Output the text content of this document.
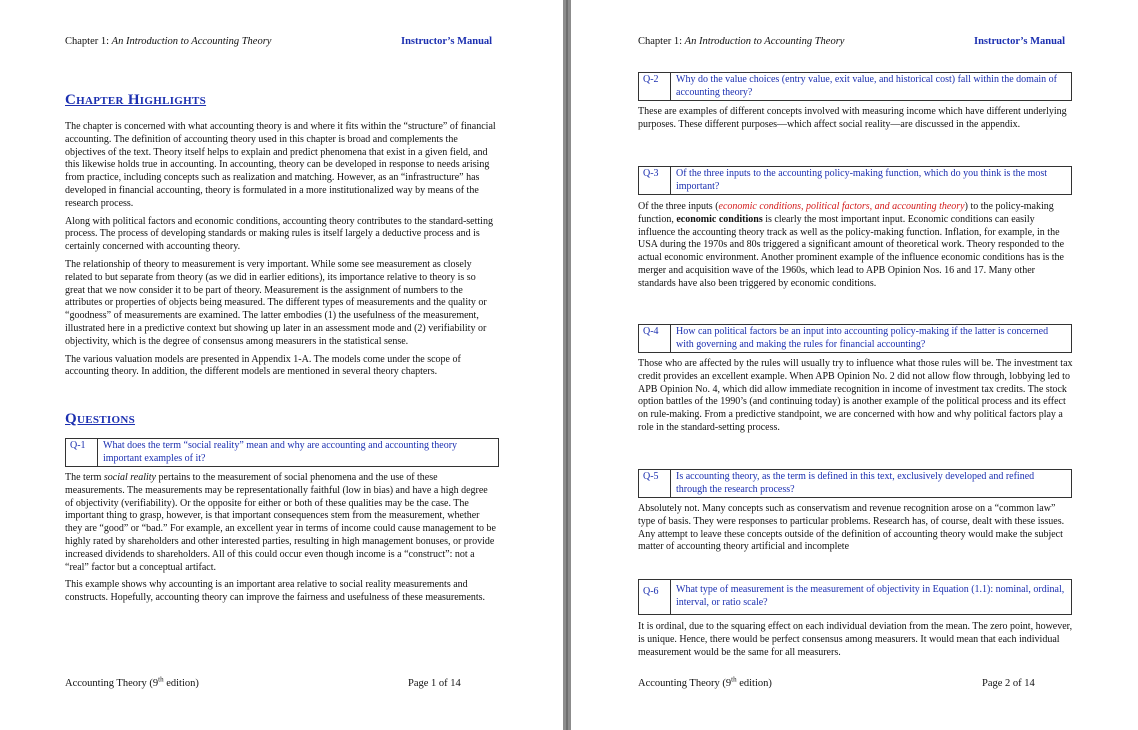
Chapter 1: An Introduction to Accounting Theory	Instructor’s Manual
Chapter Highlights

The chapter is concerned with what accounting theory is and where it fits within the “structure” of financial accounting. The definition of accounting theory used in this chapter is broad and complements the objectives of the text. Theory itself helps to explain and predict phenomena that exist in a given field, and this likewise holds true in accounting. In accounting, theory can be developed in response to needs arising from practice, including concepts such as realization and matching. However, as an “infrastructure” has developed in financial accounting, theory is formulated in a more institutionalized way by means of the research process.

Along with political factors and economic conditions, accounting theory contributes to the standard-setting process. The process of developing standards or making rules is itself largely a deductive process and is certainly concerned with accounting theory.

The relationship of theory to measurement is very important. While some see measurement as closely related to but separate from theory (as we did in earlier editions), its importance relative to theory is so great that we now consider it to be part of theory. Measurement is the assignment of numbers to the attributes or properties of objects being measured. The different types of measurements and the quality or “goodness” of measurements are examined. The latter embodies (1) the usefulness of the measurement, illustrated here in a predictive context but showing up later in an assessment mode and (2) verifiability or objectivity, which is the degree of consensus among measurers in the statistical sense.

The various valuation models are presented in Appendix 1-A. The models come under the scope of accounting theory. In addition, the different models are mentioned in several theory chapters.

Questions
Q-1	What does the term “social reality” mean and why are accounting and accounting theory important examples of it?

The term social reality pertains to the measurement of social phenomena and the use of these measurements. The measurements may be representationally faithful (low in bias) and have a high degree of objectivity (verifiability). Or the opposite for either or both of these qualities may be the case. The important thing to grasp, however, is that important consequences stem from the measurement, whether they are “good” or “bad.” For example, an excellent year in terms of income could cause management to be highly rated by shareholders and other interested parties, resulting in high management bonuses, or provide increased dividends to shareholders. All of this could occur even though income is a “construct”: not a “real” factor but a conceptual artifact.

This example shows why accounting is an important area relative to social reality measurements and constructs. Hopefully, accounting theory can improve the fairness and usefulness of these measurements.

Accounting Theory (9th edition)	Page 1 of 14
Chapter 1: An Introduction to Accounting Theory	Instructor’s Manual
Q-2	Why do the value choices (entry value, exit value, and historical cost) fall within the domain of accounting theory?
These are examples of different concepts involved with measuring income which have different underlying purposes. These different purposes—which affect social reality—are discussed in the appendix.
Q-3	Of the three inputs to the accounting policy-making function, which do you think is the most important?
Of the three inputs (economic conditions, political factors, and accounting theory) to the policy-making function, economic conditions is clearly the most important input. Economic conditions can easily influence the accounting theory track as well as the policy-making function. Inflation, for example, in the USA during the 1970s and 80s triggered a significant amount of theoretical work. Theory responded to the actual economic environment. Another prominent example of the influence economic conditions has is the merger and acquisition wave of the 1960s, which lead to APB Opinion Nos. 16 and 17. Many other standards have also been triggered by economic conditions.
Q-4	How can political factors be an input into accounting policy-making if the latter is concerned with governing and making the rules for financial accounting?
Those who are affected by the rules will usually try to influence what those rules will be. The investment tax credit provides an excellent example. When APB Opinion No. 2 did not allow flow through, lobbying led to APB Opinion No. 4, which did allow immediate recognition in income of investment tax credits. The stock option battles of the 1990’s (and continuing today) is another example of the political process and its effect on rule-making. From a predictive standpoint, we are concerned with how and why political factors play a role in the standard-setting process.
Q-5	Is accounting theory, as the term is defined in this text, exclusively developed and refined through the research process?
Absolutely not. Many concepts such as conservatism and revenue recognition arose on a “common law” type of basis. They were responses to particular problems. Research has, of course, dealt with these issues. Any attempt to leave these concepts outside of the definition of accounting theory would make the subject matter of accounting theory artificial and incomplete
Q-6	What type of measurement is the measurement of objectivity in Equation (1.1): nominal, ordinal, interval, or ratio scale?
It is ordinal, due to the squaring effect on each individual deviation from the mean. The zero point, however, is unique. Hence, there would be perfect consensus among measurers. It would mean that each individual measurement would be the same for all measurers.
Accounting Theory (9th edition)	Page 2 of 14
